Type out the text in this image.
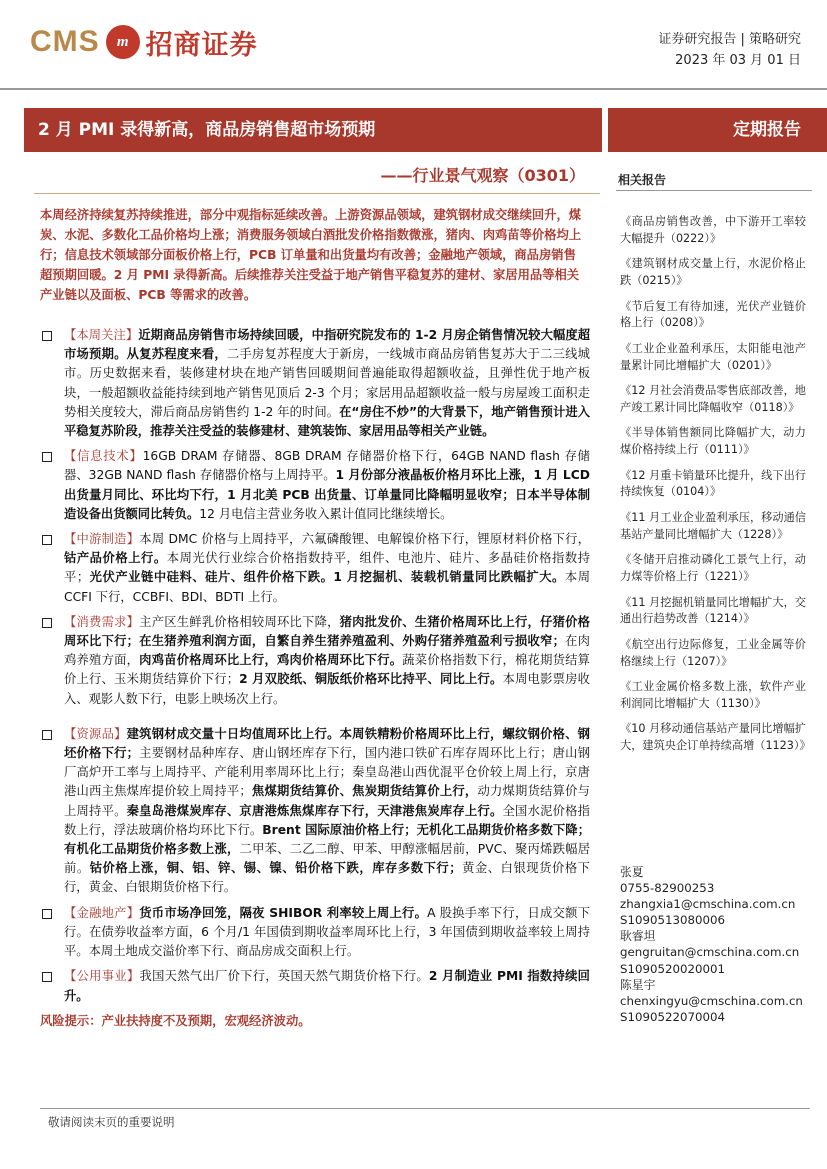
CMS	m 招商证券	证券研究报告 | 策略研究
2023 年 03 月 01 日
2 月 PMI 录得新高，商品房销售超市场预期	定期报告
——行业景气观察（0301）
本周经济持续复苏持续推进，部分中观指标延续改善。上游资源品领域，建筑钢材成交继续回升，煤炭、水泥、多数化工品价格均上涨；消费服务领域白酒批发价格指数微涨，猪肉、肉鸡苗等价格均上行；信息技术领域部分面板价格上行，PCB 订单量和出货量均有改善；金融地产领域，商品房销售超预期回暖。2 月 PMI 录得新高。后续推荐关注受益于地产销售平稳复苏的建材、家居用品等相关产业链以及面板、PCB 等需求的改善。
【本周关注】近期商品房销售市场持续回暖，中指研究院发布的 1-2 月房企销售情况较大幅度超市场预期。从复苏程度来看，二手房复苏程度大于新房，一线城市商品房销售复苏大于二三线城市。历史数据来看，装修建材块在地产销售回暖期间普遍能取得超额收益，且弹性优于地产板块，一般超额收益能持续到地产销售见顶后 2-3 个月；家居用品超额收益一般与房屋竣工面积走势相关度较大，滞后商品房销售约 1-2 年的时间。在“房住不炒”的大背景下，地产销售预计进入平稳复苏阶段，推荐关注受益的装修建材、建筑装饰、家居用品等相关产业链。
【信息技术】16GB DRAM 存储器、8GB DRAM 存储器价格下行，64GB NAND flash 存储器、32GB NAND flash 存储器价格与上周持平。1 月份部分液晶板价格月环比上涨，1 月 LCD 出货量月同比、环比均下行，1 月北美 PCB 出货量、订单量同比降幅明显收窄；日本半导体制造设备出货额同比转负。12 月电信主营业务收入累计值同比继续增长。
【中游制造】本周 DMC 价格与上周持平，六氟磷酸锂、电解镍价格下行，锂原材料价格下行，钴产品价格上行。本周光伏行业综合价格指数持平，组件、电池片、硅片、多晶硅价格指数持平；光伏产业链中硅料、硅片、组件价格下跌。1 月挖掘机、装载机销量同比跌幅扩大。本周 CCFI 下行，CCBFI、BDI、BDTI 上行。
【消费需求】主产区生鲜乳价格相较周环比下降，猪肉批发价、生猪价格周环比上行，仔猪价格周环比下行；在生猪养殖利润方面，自繁自养生猪养殖盈利、外购仔猪养殖盈利亏损收窄；在肉鸡养殖方面，肉鸡苗价格周环比上行，鸡肉价格周环比下行。蔬菜价格指数下行，棉花期货结算价上行、玉米期货结算价下行；2 月双胶纸、铜版纸价格环比持平、同比上行。本周电影票房收入、观影人数下行，电影上映场次上行。
【资源品】建筑钢材成交量十日均值周环比上行。本周铁精粉价格周环比上行，螺纹钢价格、钢坯价格下行；主要钢材品种库存、唐山钢坯库存下行，国内港口铁矿石库存周环比上行；唐山钢厂高炉开工率与上周持平、产能利用率周环比上行；秦皇岛港山西优混平仓价较上周上行，京唐港山西主焦煤库提价较上周持平；焦煤期货结算价、焦炭期货结算价上行，动力煤期货结算价与上周持平。秦皇岛港煤炭库存、京唐港炼焦煤库存下行，天津港焦炭库存上行。全国水泥价格指数上行，浮法玻璃价格均环比下行。Brent 国际原油价格上行；无机化工品期货价格多数下降；有机化工品期货价格多数上涨，二甲苯、二乙二醇、甲苯、甲醇涨幅居前，PVC、聚丙烯跌幅居前。钴价格上涨，铜、铝、锌、锡、镍、铅价格下跌，库存多数下行；黄金、白银现货价格下行，黄金、白银期货价格下行。
【金融地产】货币市场净回笼，隔夜 SHIBOR 利率较上周上行。A 股换手率下行，日成交额下行。在债券收益率方面，6 个月/1 年国债到期收益率周环比上行，3 年国债到期收益率较上周持平。本周土地成交溢价率下行、商品房成交面积上行。
【公用事业】我国天然气出厂价下行，英国天然气期货价格下行。2 月制造业 PMI 指数持续回升。
风险提示：产业扶持度不及预期，宏观经济波动。
相关报告
《商品房销售改善，中下游开工率较大幅提升（0222）》
《建筑钢材成交量上行，水泥价格止跌（0215）》
《节后复工有待加速，光伏产业链价格上行（0208）》
《工业企业盈利承压，太阳能电池产量累计同比增幅扩大（0201）》
《12 月社会消费品零售底部改善，地产竣工累计同比降幅收窄（0118）》
《半导体销售额同比降幅扩大，动力煤价格持续上行（0111）》
《12 月重卡销量环比提升，线下出行持续恢复（0104）》
《11 月工业企业盈利承压，移动通信基站产量同比增幅扩大（1228）》
《冬储开启推动磷化工景气上行，动力煤等价格上行（1221）》
《11 月挖掘机销量同比增幅扩大，交通出行趋势改善（1214）》
《航空出行边际修复，工业金属等价格继续上行（1207）》
《工业金属价格多数上涨，软件产业利润同比增幅扩大（1130）》
《10 月移动通信基站产量同比增幅扩大，建筑央企订单持续高增（1123）》
张夏
0755-82900253
zhangxia1@cmschina.com.cn
S1090513080006
耿睿坦
gengruitan@cmschina.com.cn
S1090520020001
陈星宇
chenxingyu@cmschina.com.cn
S1090522070004
敬请阅读末页的重要说明
